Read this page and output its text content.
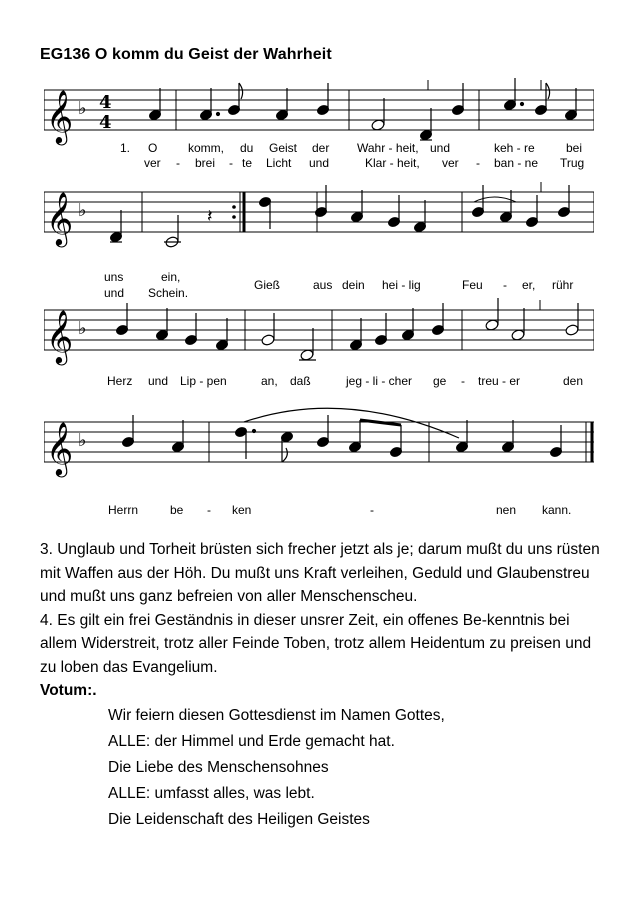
EG136 O komm du Geist der Wahrheit
𝄞 ♭ 4
4
1. O	komm, du Geist der Wahr - heit, und	keh - re	bei
ver - brei - te Licht und	Klar - heit, ver - ban - ne Trug
𝄞 ♭	𝄽
uns	ein,
und Schein.
Gieß	aus dein hei - lig	Feu - er, rühr
𝄞 ♭
Herz und Lip - pen	an, daß	jeg - li - cher ge - treu - er	den
𝄞 ♭
Herrn	be - ken	-	nen kann.

3. Unglaub und Torheit brüsten sich frecher jetzt als je; darum mußt du uns rüsten mit Waffen aus der Höh. Du mußt uns Kraft verleihen, Geduld und Glaubenstreu und mußt uns ganz befreien von aller Menschenscheu.

4. Es gilt ein frei Geständnis in dieser unsrer Zeit, ein offenes Be-kenntnis bei allem Widerstreit, trotz aller Feinde Toben, trotz allem Heidentum zu preisen und zu loben das Evangelium.

Votum:.

Wir feiern diesen Gottesdienst im Namen Gottes,

ALLE: der Himmel und Erde gemacht hat.

Die Liebe des Menschensohnes

ALLE: umfasst alles, was lebt.

Die Leidenschaft des Heiligen Geistes
